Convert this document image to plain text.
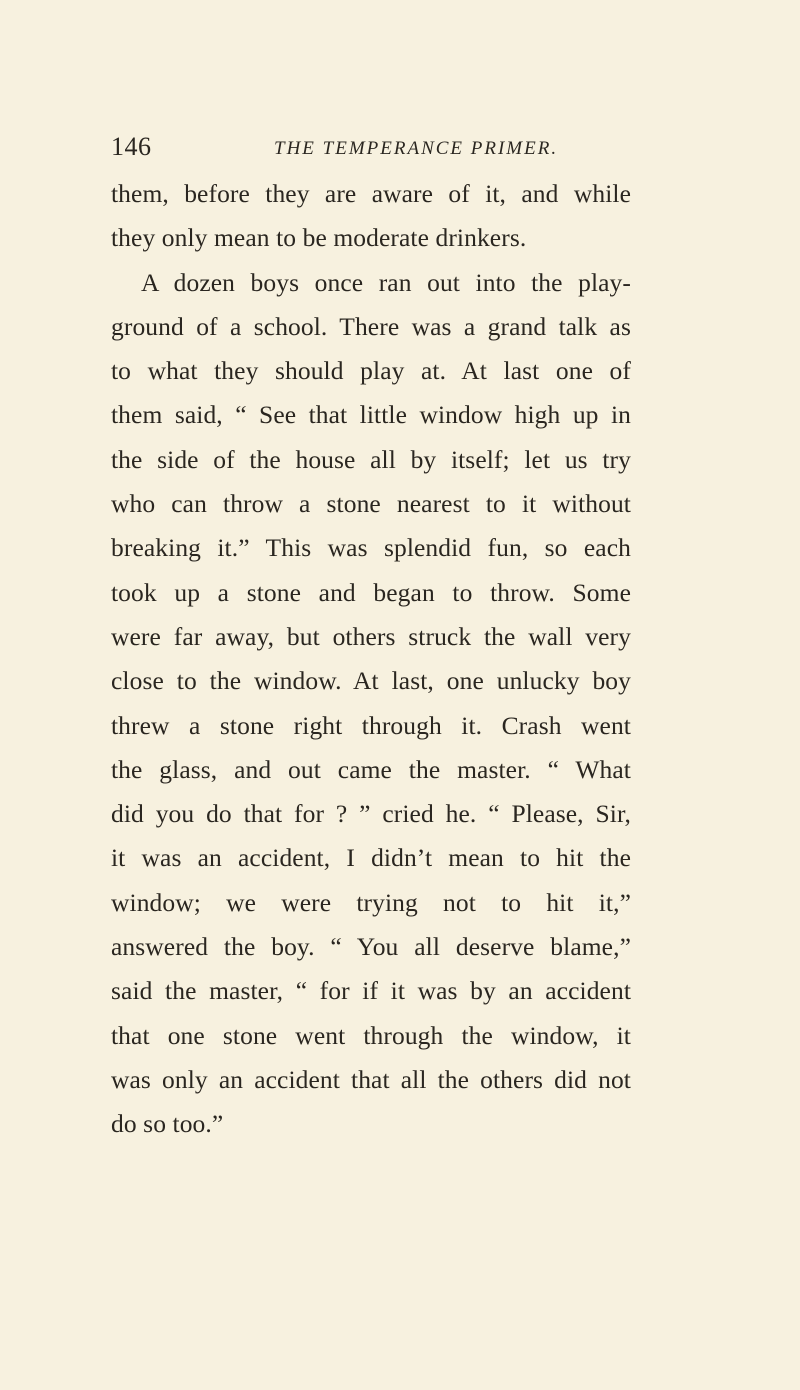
146	THE TEMPERANCE PRIMER.
them, before they are aware of it, and while
they only mean to be moderate drinkers.
A dozen boys once ran out into the play-
ground of a school. There was a grand talk as
to what they should play at. At last one of
them said, “ See that little window high up in
the side of the house all by itself; let us try
who can throw a stone nearest to it without
breaking it.” This was splendid fun, so each
took up a stone and began to throw. Some
were far away, but others struck the wall very
close to the window. At last, one unlucky boy
threw a stone right through it. Crash went
the glass, and out came the master. “ What
did you do that for ? ” cried he. “ Please, Sir,
it was an accident, I didn’t mean to hit the
window; we were trying not to hit it,”
answered the boy. “ You all deserve blame,”
said the master, “ for if it was by an accident
that one stone went through the window, it
was only an accident that all the others did not
do so too.”
